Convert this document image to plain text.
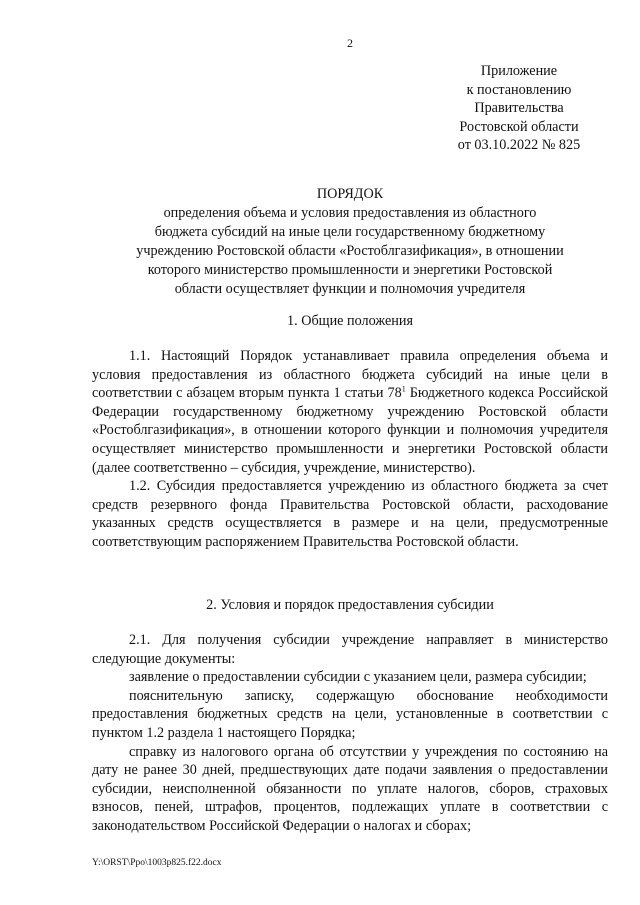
2
Приложение
к постановлению
Правительства
Ростовской области
от 03.10.2022 № 825
ПОРЯДОК
определения объема и условия предоставления из областного
бюджета субсидий на иные цели государственному бюджетному
учреждению Ростовской области «Ростоблгазификация», в отношении
которого министерство промышленности и энергетики Ростовской
области осуществляет функции и полномочия учредителя
1. Общие положения

1.1. Настоящий Порядок устанавливает правила определения объема и условия предоставления из областного бюджета субсидий на иные цели в соответствии с абзацем вторым пункта 1 статьи $78^1$ Бюджетного кодекса Российской Федерации государственному бюджетному учреждению Ростовской области «Ростоблгазификация», в отношении которого функции и полномочия учредителя осуществляет министерство промышленности и энергетики Ростовской области (далее соответственно – субсидия, учреждение, министерство).

1.2. Субсидия предоставляется учреждению из областного бюджета за счет средств резервного фонда Правительства Ростовской области, расходование указанных средств осуществляется в размере и на цели, предусмотренные соответствующим распоряжением Правительства Ростовской области.

2. Условия и порядок предоставления субсидии

2.1. Для получения субсидии учреждение направляет в министерство следующие документы:

заявление о предоставлении субсидии с указанием цели, размера субсидии;

пояснительную записку, содержащую обоснование необходимости предоставления бюджетных средств на цели, установленные в соответствии с пунктом 1.2 раздела 1 настоящего Порядка;

справку из налогового органа об отсутствии у учреждения по состоянию на дату не ранее 30 дней, предшествующих дате подачи заявления о предоставлении субсидии, неисполненной обязанности по уплате налогов, сборов, страховых взносов, пеней, штрафов, процентов, подлежащих уплате в соответствии с законодательством Российской Федерации о налогах и сборах;

Y:\ORST\Ppo\1003p825.f22.docx
